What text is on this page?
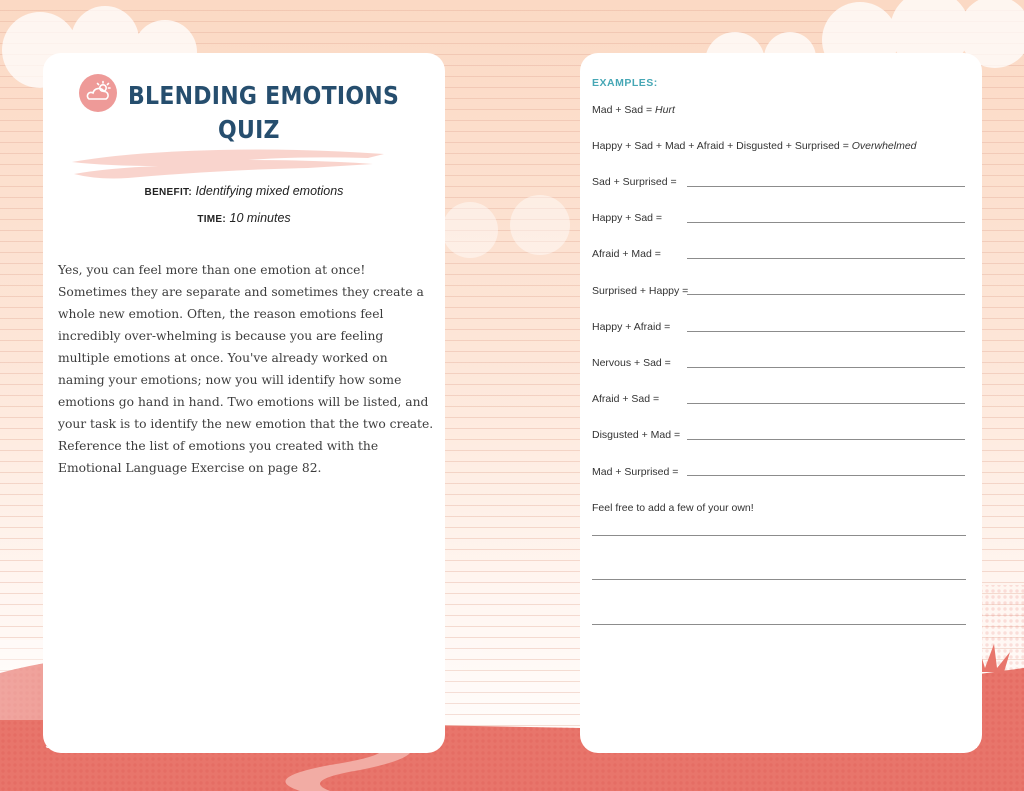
BLENDING EMOTIONS
QUIZ
BENEFIT: Identifying mixed emotions
TIME: 10 minutes

Yes, you can feel more than one emotion at once! Sometimes they are separate and sometimes they create a whole new emotion. Often, the reason emotions feel incredibly over-whelming is because you are feeling multiple emotions at once. You've already worked on naming your emotions; now you will identify how some emotions go hand in hand. Two emotions will be listed, and your task is to identify the new emotion that the two create. Reference the list of emotions you created with the Emotional Language Exercise on page 82.

EXAMPLES:
Mad + Sad = Hurt
Happy + Sad + Mad + Afraid + Disgusted + Surprised = Overwhelmed
Sad + Surprised =
Happy + Sad =
Afraid + Mad =
Surprised + Happy =
Happy + Afraid =
Nervous + Sad =
Afraid + Sad =
Disgusted + Mad =
Mad + Surprised =
Feel free to add a few of your own!
90 MINDFULNESS FOR TEEN ANXIETY	MANAGING EMOTIONS 91
